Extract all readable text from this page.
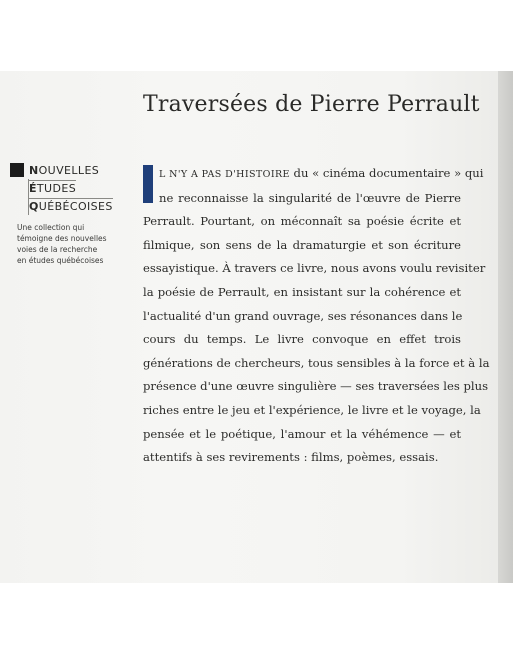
Traversées de Pierre Perrault
NOUVELLES
ÉTUDES
QUÉBÉCOISES
Une collection qui
témoigne des nouvelles
voies de la recherche
en études québécoises
L N'Y A PAS D'HISTOIRE du « cinéma documentaire » qui
ne reconnaisse la singularité de l'œuvre de Pierre
Perrault. Pourtant, on méconnaît sa poésie écrite et
filmique, son sens de la dramaturgie et son écriture
essayistique. À travers ce livre, nous avons voulu revisiter
la poésie de Perrault, en insistant sur la cohérence et
l'actualité d'un grand ouvrage, ses résonances dans le
cours du temps. Le livre convoque en effet trois
générations de chercheurs, tous sensibles à la force et à la
présence d'une œuvre singulière — ses traversées les plus
riches entre le jeu et l'expérience, le livre et le voyage, la
pensée et le poétique, l'amour et la véhémence — et
attentifs à ses revirements : films, poèmes, essais.
